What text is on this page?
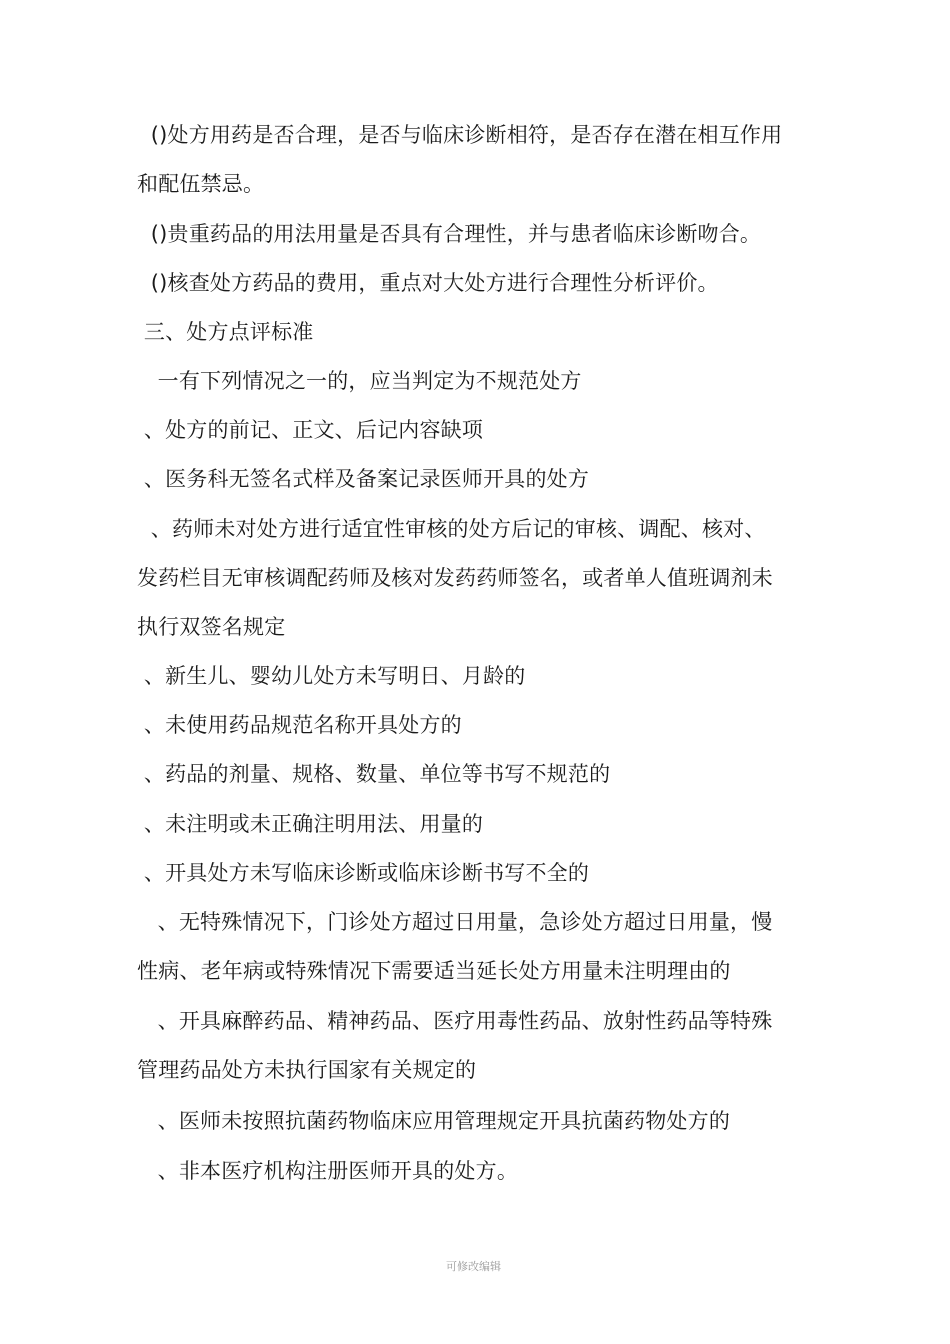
()处方用药是否合理，是否与临床诊断相符，是否存在潜在相互作用
和配伍禁忌。
()贵重药品的用法用量是否具有合理性，并与患者临床诊断吻合。
()核查处方药品的费用，重点对大处方进行合理性分析评价。
三、处方点评标准
一有下列情况之一的，应当判定为不规范处方
、处方的前记、正文、后记内容缺项
、医务科无签名式样及备案记录医师开具的处方
、药师未对处方进行适宜性审核的处方后记的审核、调配、核对、
发药栏目无审核调配药师及核对发药药师签名，或者单人值班调剂未
执行双签名规定
、新生儿、婴幼儿处方未写明日、月龄的
、未使用药品规范名称开具处方的
、药品的剂量、规格、数量、单位等书写不规范的
、未注明或未正确注明用法、用量的
、开具处方未写临床诊断或临床诊断书写不全的
、无特殊情况下，门诊处方超过日用量，急诊处方超过日用量，慢
性病、老年病或特殊情况下需要适当延长处方用量未注明理由的
、开具麻醉药品、精神药品、医疗用毒性药品、放射性药品等特殊
管理药品处方未执行国家有关规定的
、医师未按照抗菌药物临床应用管理规定开具抗菌药物处方的
、非本医疗机构注册医师开具的处方。
可修改编辑
